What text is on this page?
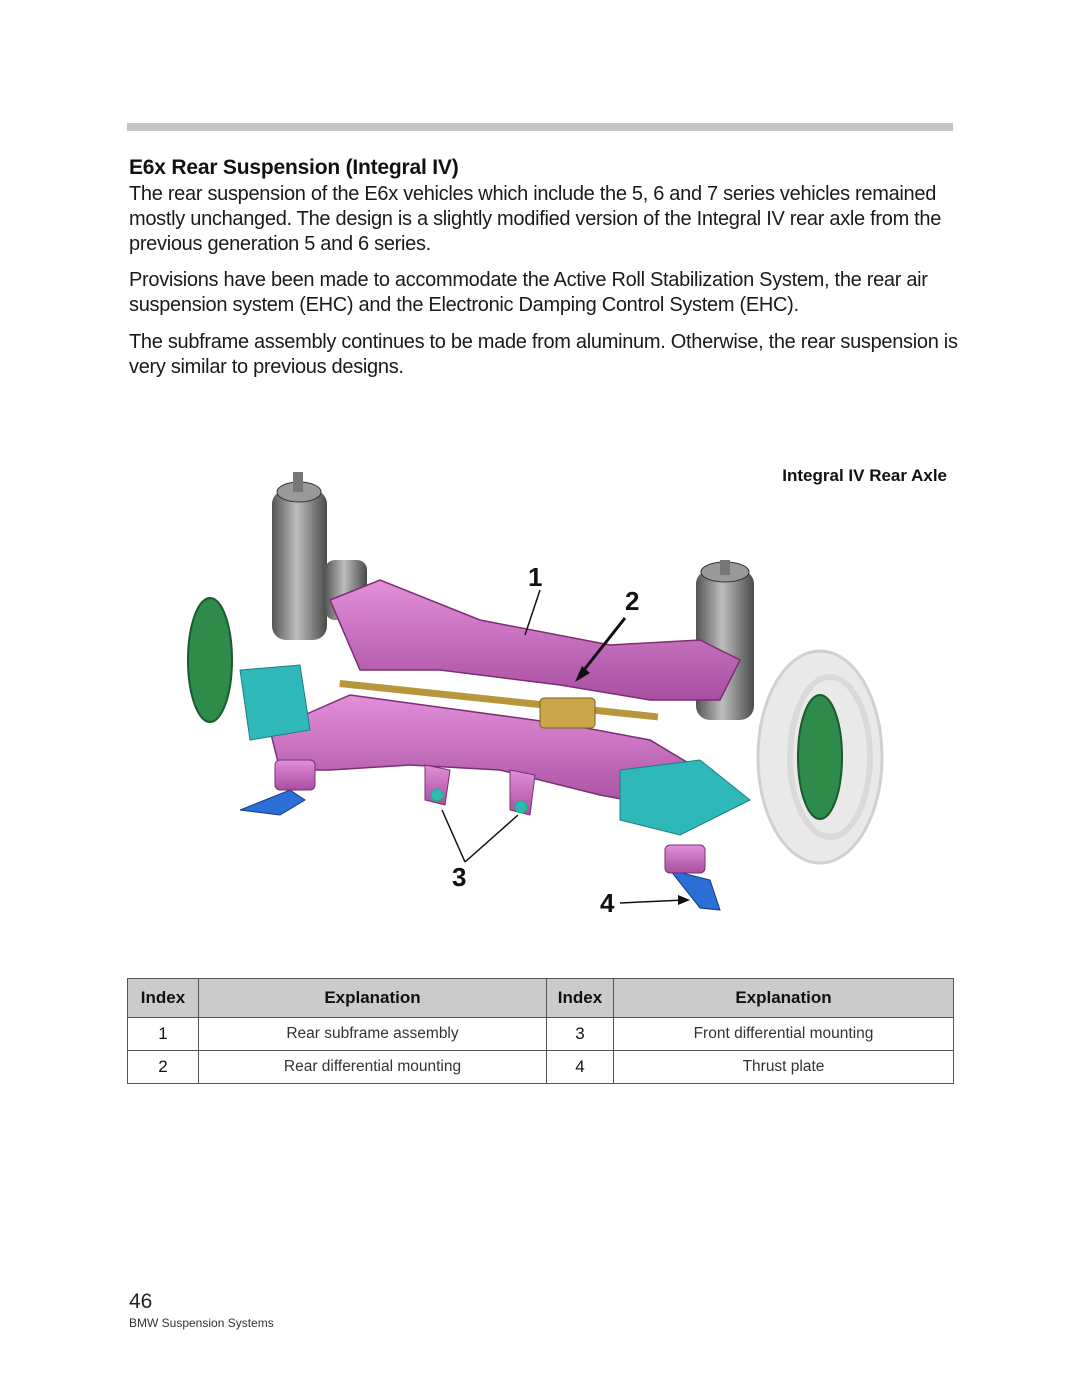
E6x Rear Suspension (Integral IV)

The rear suspension of the E6x vehicles which include the 5, 6 and 7 series vehicles remained mostly unchanged. The design is a slightly modified version of the Integral IV rear axle from the previous generation 5 and 6 series.

Provisions have been made to accommodate the Active Roll Stabilization System, the rear air suspension system (EHC) and the Electronic Damping Control System (EHC).

The subframe assembly continues to be made from aluminum. Otherwise, the rear suspension is very similar to previous designs.

Integral IV Rear Axle
1
2
3
4
Index	Explanation	Index	Explanation
1	Rear subframe assembly	3	Front differential mounting
2	Rear differential mounting	4	Thrust plate
46
BMW Suspension Systems
